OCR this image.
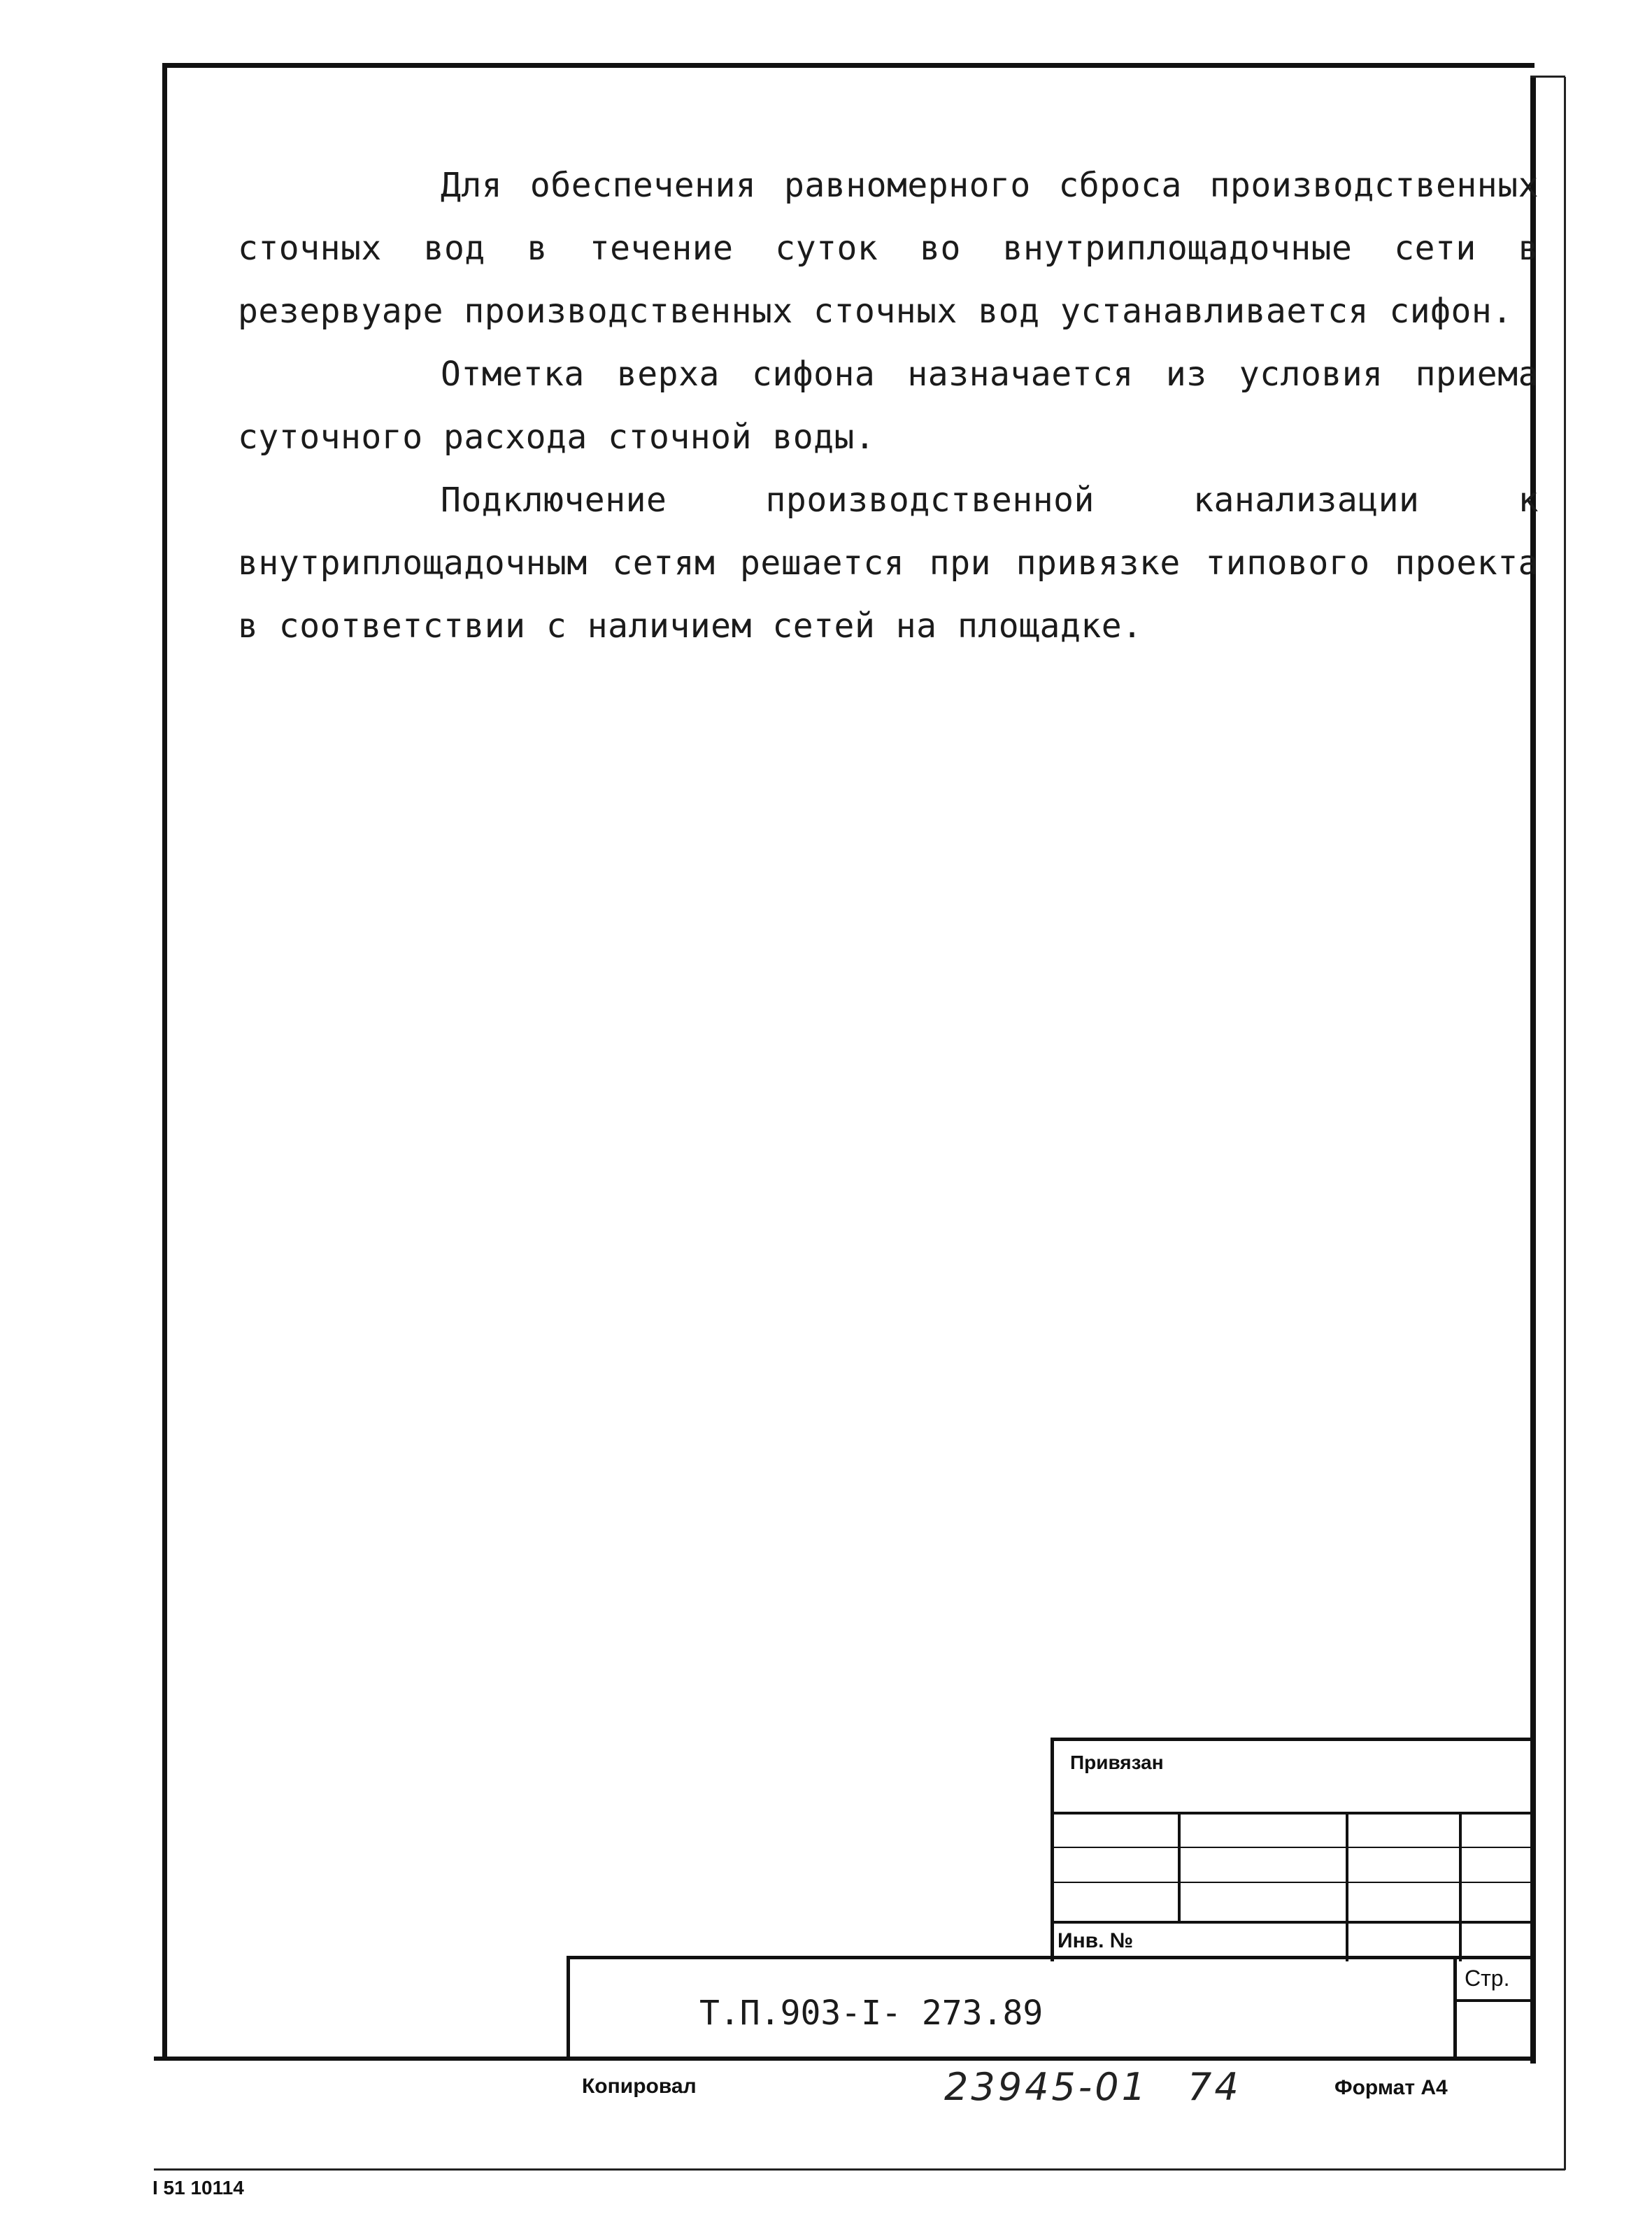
Для обеспечения равномерного сброса производственных сточных вод в течение суток во внутриплощадочные сети в резервуаре производственных сточных вод устанавливается сифон.

Отметка верха сифона назначается из условия приема суточного расхода сточной воды.

Подключение производственной канализации к внутриплощадочным сетям решается при привязке типового проекта в соответствии с наличием сетей на площадке.

Привязан
Инв. №
Стр.
Т.П.903-I- 273.89
Копировал	23945-01 74	Формат А4
I 51 10114
